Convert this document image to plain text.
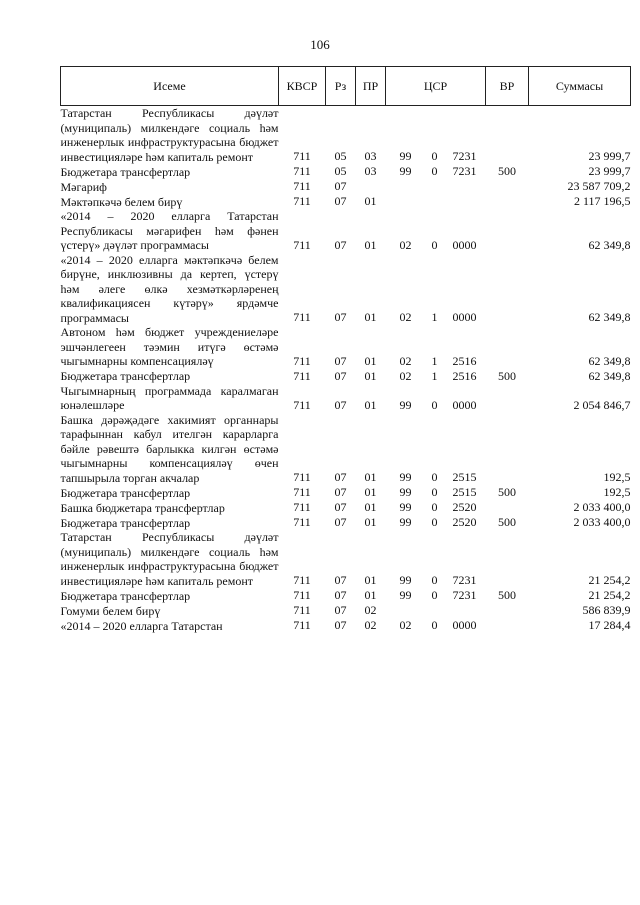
106
Исеме	КВСР	Рз	ПР	ЦСР			ВР	Суммасы
Татарстан Республикасы дәүләт (муниципаль) милкендәге социаль һәм инженерлык инфраструктурасына бюджет инвестицияләре һәм капиталь ремонт	711	05	03	99	0	7231		23 999,7
Бюджетара трансфертлар	711	05	03	99	0	7231	500	23 999,7
Мәгариф	711	07						23 587 709,2
Мәктәпкәчә белем бирү	711	07	01					2 117 196,5
«2014 – 2020 елларга Татарстан Республикасы мәгарифен һәм фәнен үстерү» дәүләт программасы	711	07	01	02	0	0000		62 349,8
«2014 – 2020 елларга мәктәпкәчә белем бирүне, инклюзивны да кертеп, үстерү һәм әлеге өлкә хезмәткәрләренең квалификациясен күтәрү» ярдәмче программасы	711	07	01	02	1	0000		62 349,8
Автоном һәм бюджет учреждениеләре эшчәнлегеен тәэмин итүгә өстәмә чыгымнарны компенсацияләү	711	07	01	02	1	2516		62 349,8
Бюджетара трансфертлар	711	07	01	02	1	2516	500	62 349,8
Чыгымнарның программада каралмаган юнәлешләре	711	07	01	99	0	0000		2 054 846,7
Башка дәрәҗәдәге хакимият органнары тарафыннан кабул ителгән карарларга бәйле рәвештә барлыкка килгән өстәмә чыгымнарны компенсацияләү өчен тапшырыла торган акчалар	711	07	01	99	0	2515		192,5
Бюджетара трансфертлар	711	07	01	99	0	2515	500	192,5
Башка бюджетара трансфертлар	711	07	01	99	0	2520		2 033 400,0
Бюджетара трансфертлар	711	07	01	99	0	2520	500	2 033 400,0
Татарстан Республикасы дәүләт (муниципаль) милкендәге социаль һәм инженерлык инфраструктурасына бюджет инвестицияләре һәм капиталь ремонт	711	07	01	99	0	7231		21 254,2
Бюджетара трансфертлар	711	07	01	99	0	7231	500	21 254,2
Гомуми белем бирү	711	07	02					586 839,9
«2014 – 2020 елларга Татарстан	711	07	02	02	0	0000		17 284,4
